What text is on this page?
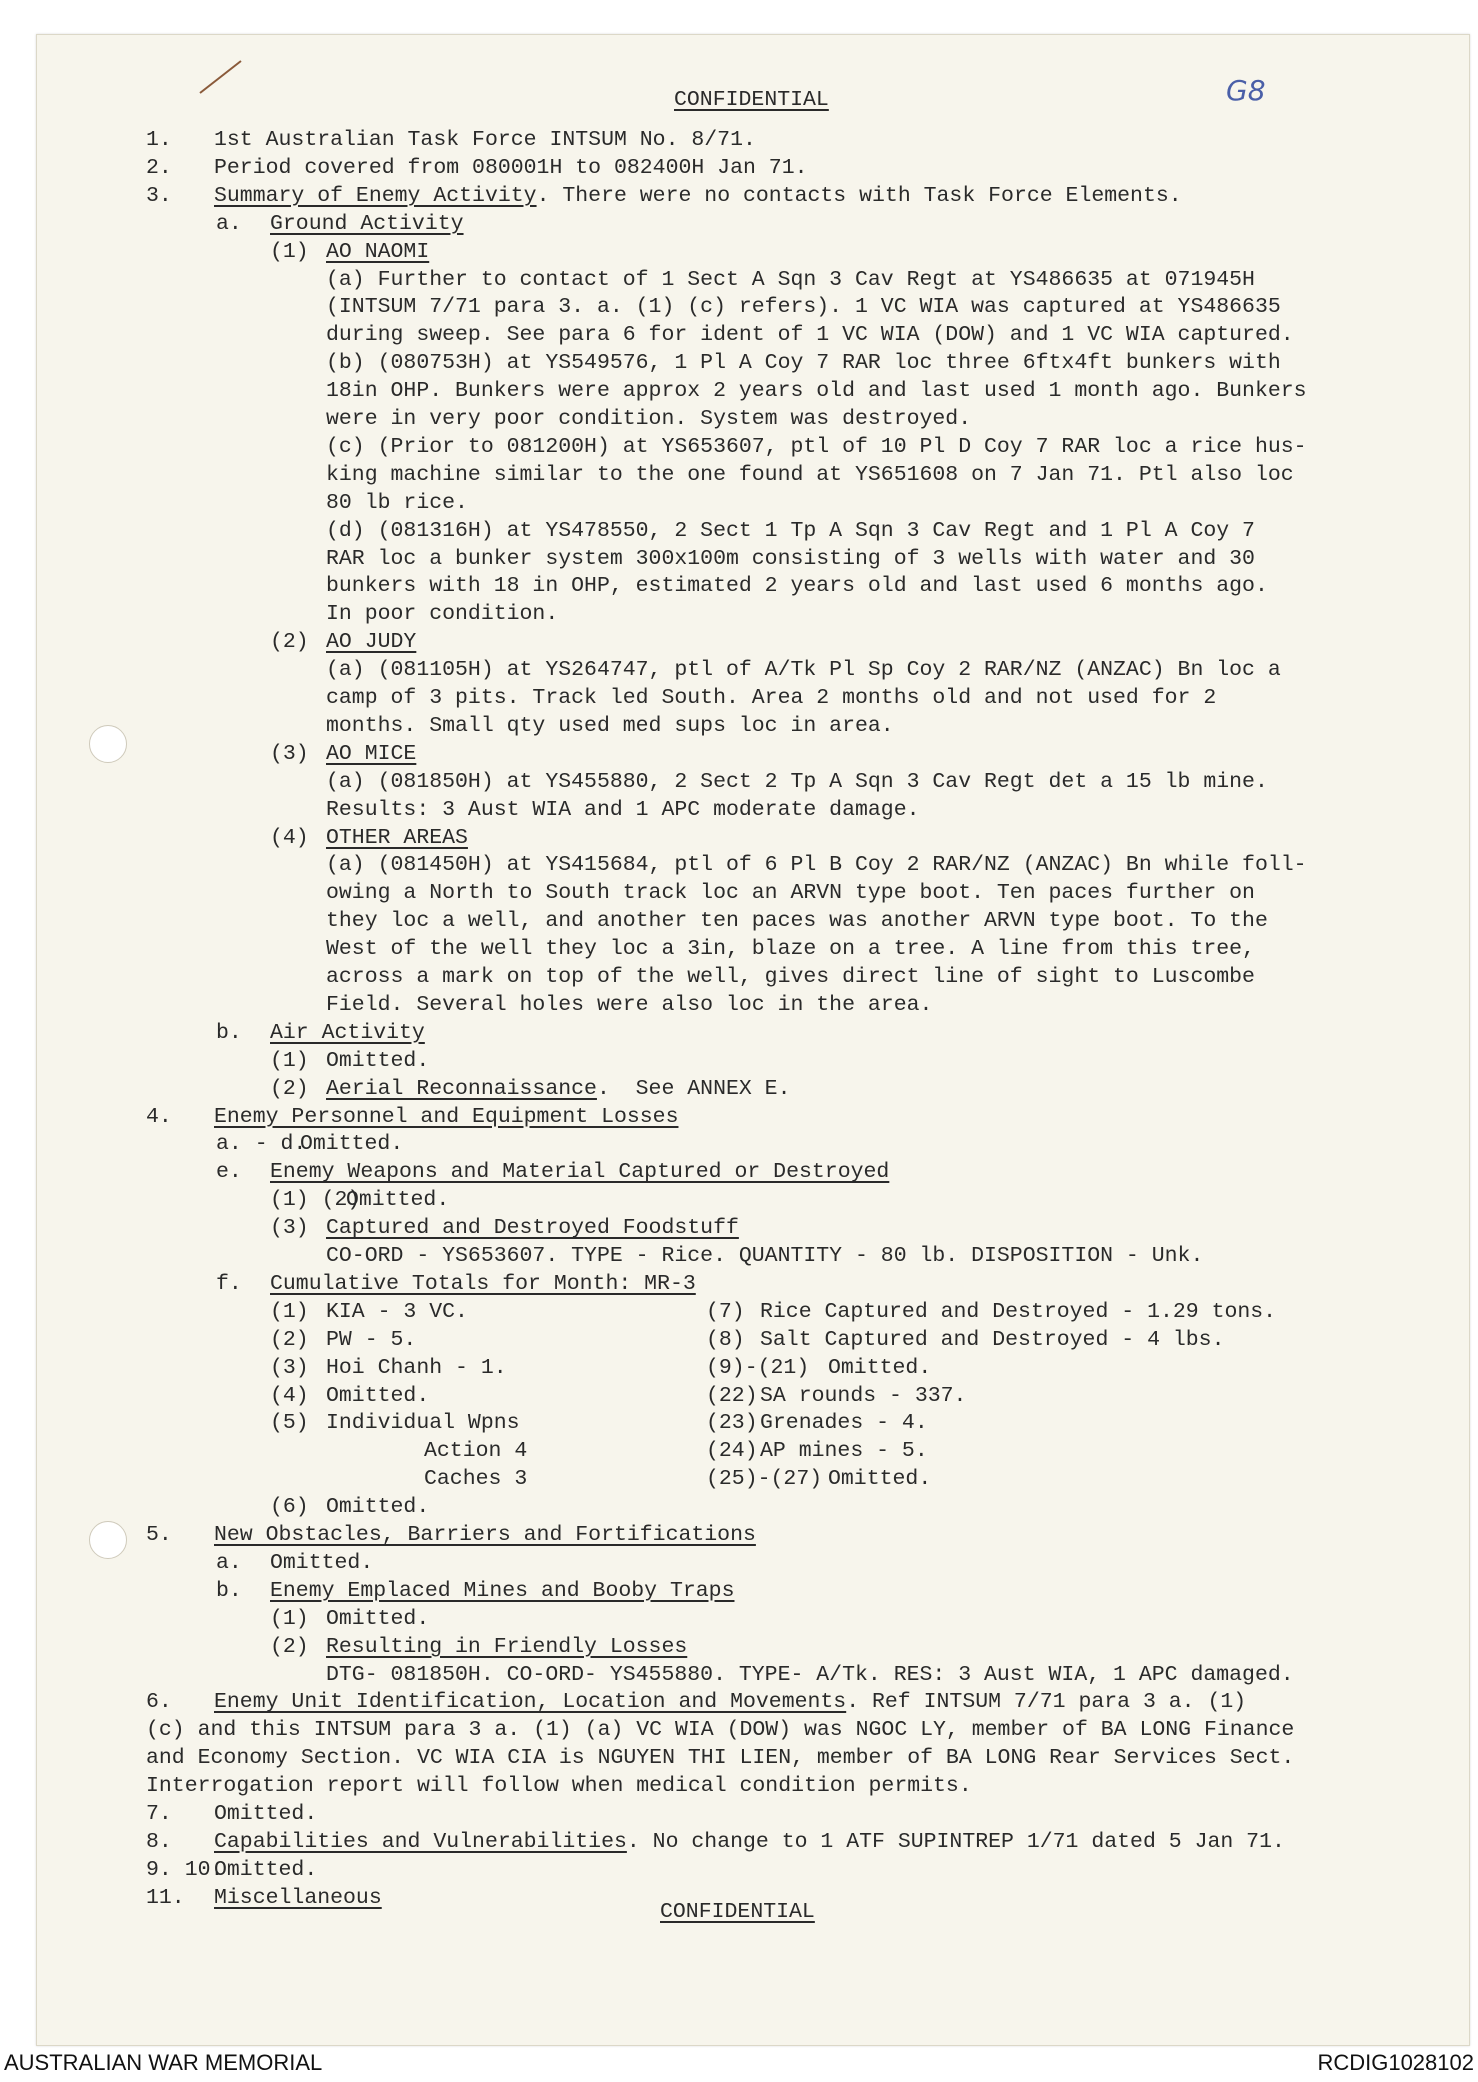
G8
CONFIDENTIAL
1. 1st Australian Task Force INTSUM No. 8/71.
2. Period covered from 080001H to 082400H Jan 71.
3. Summary of Enemy Activity. There were no contacts with Task Force Elements.
a. Ground Activity
(1) AO NAOMI
(a) Further to contact of 1 Sect A Sqn 3 Cav Regt at YS486635 at 071945H
(INTSUM 7/71 para 3. a. (1) (c) refers). 1 VC WIA was captured at YS486635
during sweep. See para 6 for ident of 1 VC WIA (DOW) and 1 VC WIA captured.
(b) (080753H) at YS549576, 1 Pl A Coy 7 RAR loc three 6ftx4ft bunkers with
18in OHP. Bunkers were approx 2 years old and last used 1 month ago. Bunkers
were in very poor condition. System was destroyed.
(c) (Prior to 081200H) at YS653607, ptl of 10 Pl D Coy 7 RAR loc a rice hus-
king machine similar to the one found at YS651608 on 7 Jan 71. Ptl also loc
80 lb rice.
(d) (081316H) at YS478550, 2 Sect 1 Tp A Sqn 3 Cav Regt and 1 Pl A Coy 7
RAR loc a bunker system 300x100m consisting of 3 wells with water and 30
bunkers with 18 in OHP, estimated 2 years old and last used 6 months ago.
In poor condition.
(2) AO JUDY
(a) (081105H) at YS264747, ptl of A/Tk Pl Sp Coy 2 RAR/NZ (ANZAC) Bn loc a
camp of 3 pits. Track led South. Area 2 months old and not used for 2
months. Small qty used med sups loc in area.
(3) AO MICE
(a) (081850H) at YS455880, 2 Sect 2 Tp A Sqn 3 Cav Regt det a 15 lb mine.
Results: 3 Aust WIA and 1 APC moderate damage.
(4) OTHER AREAS
(a) (081450H) at YS415684, ptl of 6 Pl B Coy 2 RAR/NZ (ANZAC) Bn while foll-
owing a North to South track loc an ARVN type boot. Ten paces further on
they loc a well, and another ten paces was another ARVN type boot. To the
West of the well they loc a 3in, blaze on a tree. A line from this tree,
across a mark on top of the well, gives direct line of sight to Luscombe
Field. Several holes were also loc in the area.
b. Air Activity
(1) Omitted.
(2) Aerial Reconnaissance.  See ANNEX E.
4. Enemy Personnel and Equipment Losses
a. - d.
Omitted.
e. Enemy Weapons and Material Captured or Destroyed
(1) (2)
Omitted.
(3) Captured and Destroyed Foodstuff
CO-ORD - YS653607. TYPE - Rice. QUANTITY - 80 lb. DISPOSITION - Unk.
f. Cumulative Totals for Month: MR-3
(1) KIA - 3 VC.	(7) Rice Captured and Destroyed - 1.29 tons.
(2) PW - 5.	(8) Salt Captured and Destroyed - 4 lbs.
(3) Hoi Chanh - 1.	(9)-(21) Omitted.
(4) Omitted.	(22) SA rounds - 337.
(5) Individual Wpns	(23) Grenades - 4.
Action 4	(24) AP mines - 5.
Caches 3	(25)-(27) Omitted.
(6) Omitted.
5. New Obstacles, Barriers and Fortifications
a. Omitted.
b. Enemy Emplaced Mines and Booby Traps
(1) Omitted.
(2) Resulting in Friendly Losses
DTG- 081850H. CO-ORD- YS455880. TYPE- A/Tk. RES: 3 Aust WIA, 1 APC damaged.
6. Enemy Unit Identification, Location and Movements. Ref INTSUM 7/71 para 3 a. (1)
(c) and this INTSUM para 3 a. (1) (a) VC WIA (DOW) was NGOC LY, member of BA LONG Finance
and Economy Section. VC WIA CIA is NGUYEN THI LIEN, member of BA LONG Rear Services Sect.
Interrogation report will follow when medical condition permits.
7. Omitted.
8. Capabilities and Vulnerabilities. No change to 1 ATF SUPINTREP 1/71 dated 5 Jan 71.
9. 10.
Omitted.
11. Miscellaneous
CONFIDENTIAL
AUSTRALIAN WAR MEMORIAL	RCDIG1028102
